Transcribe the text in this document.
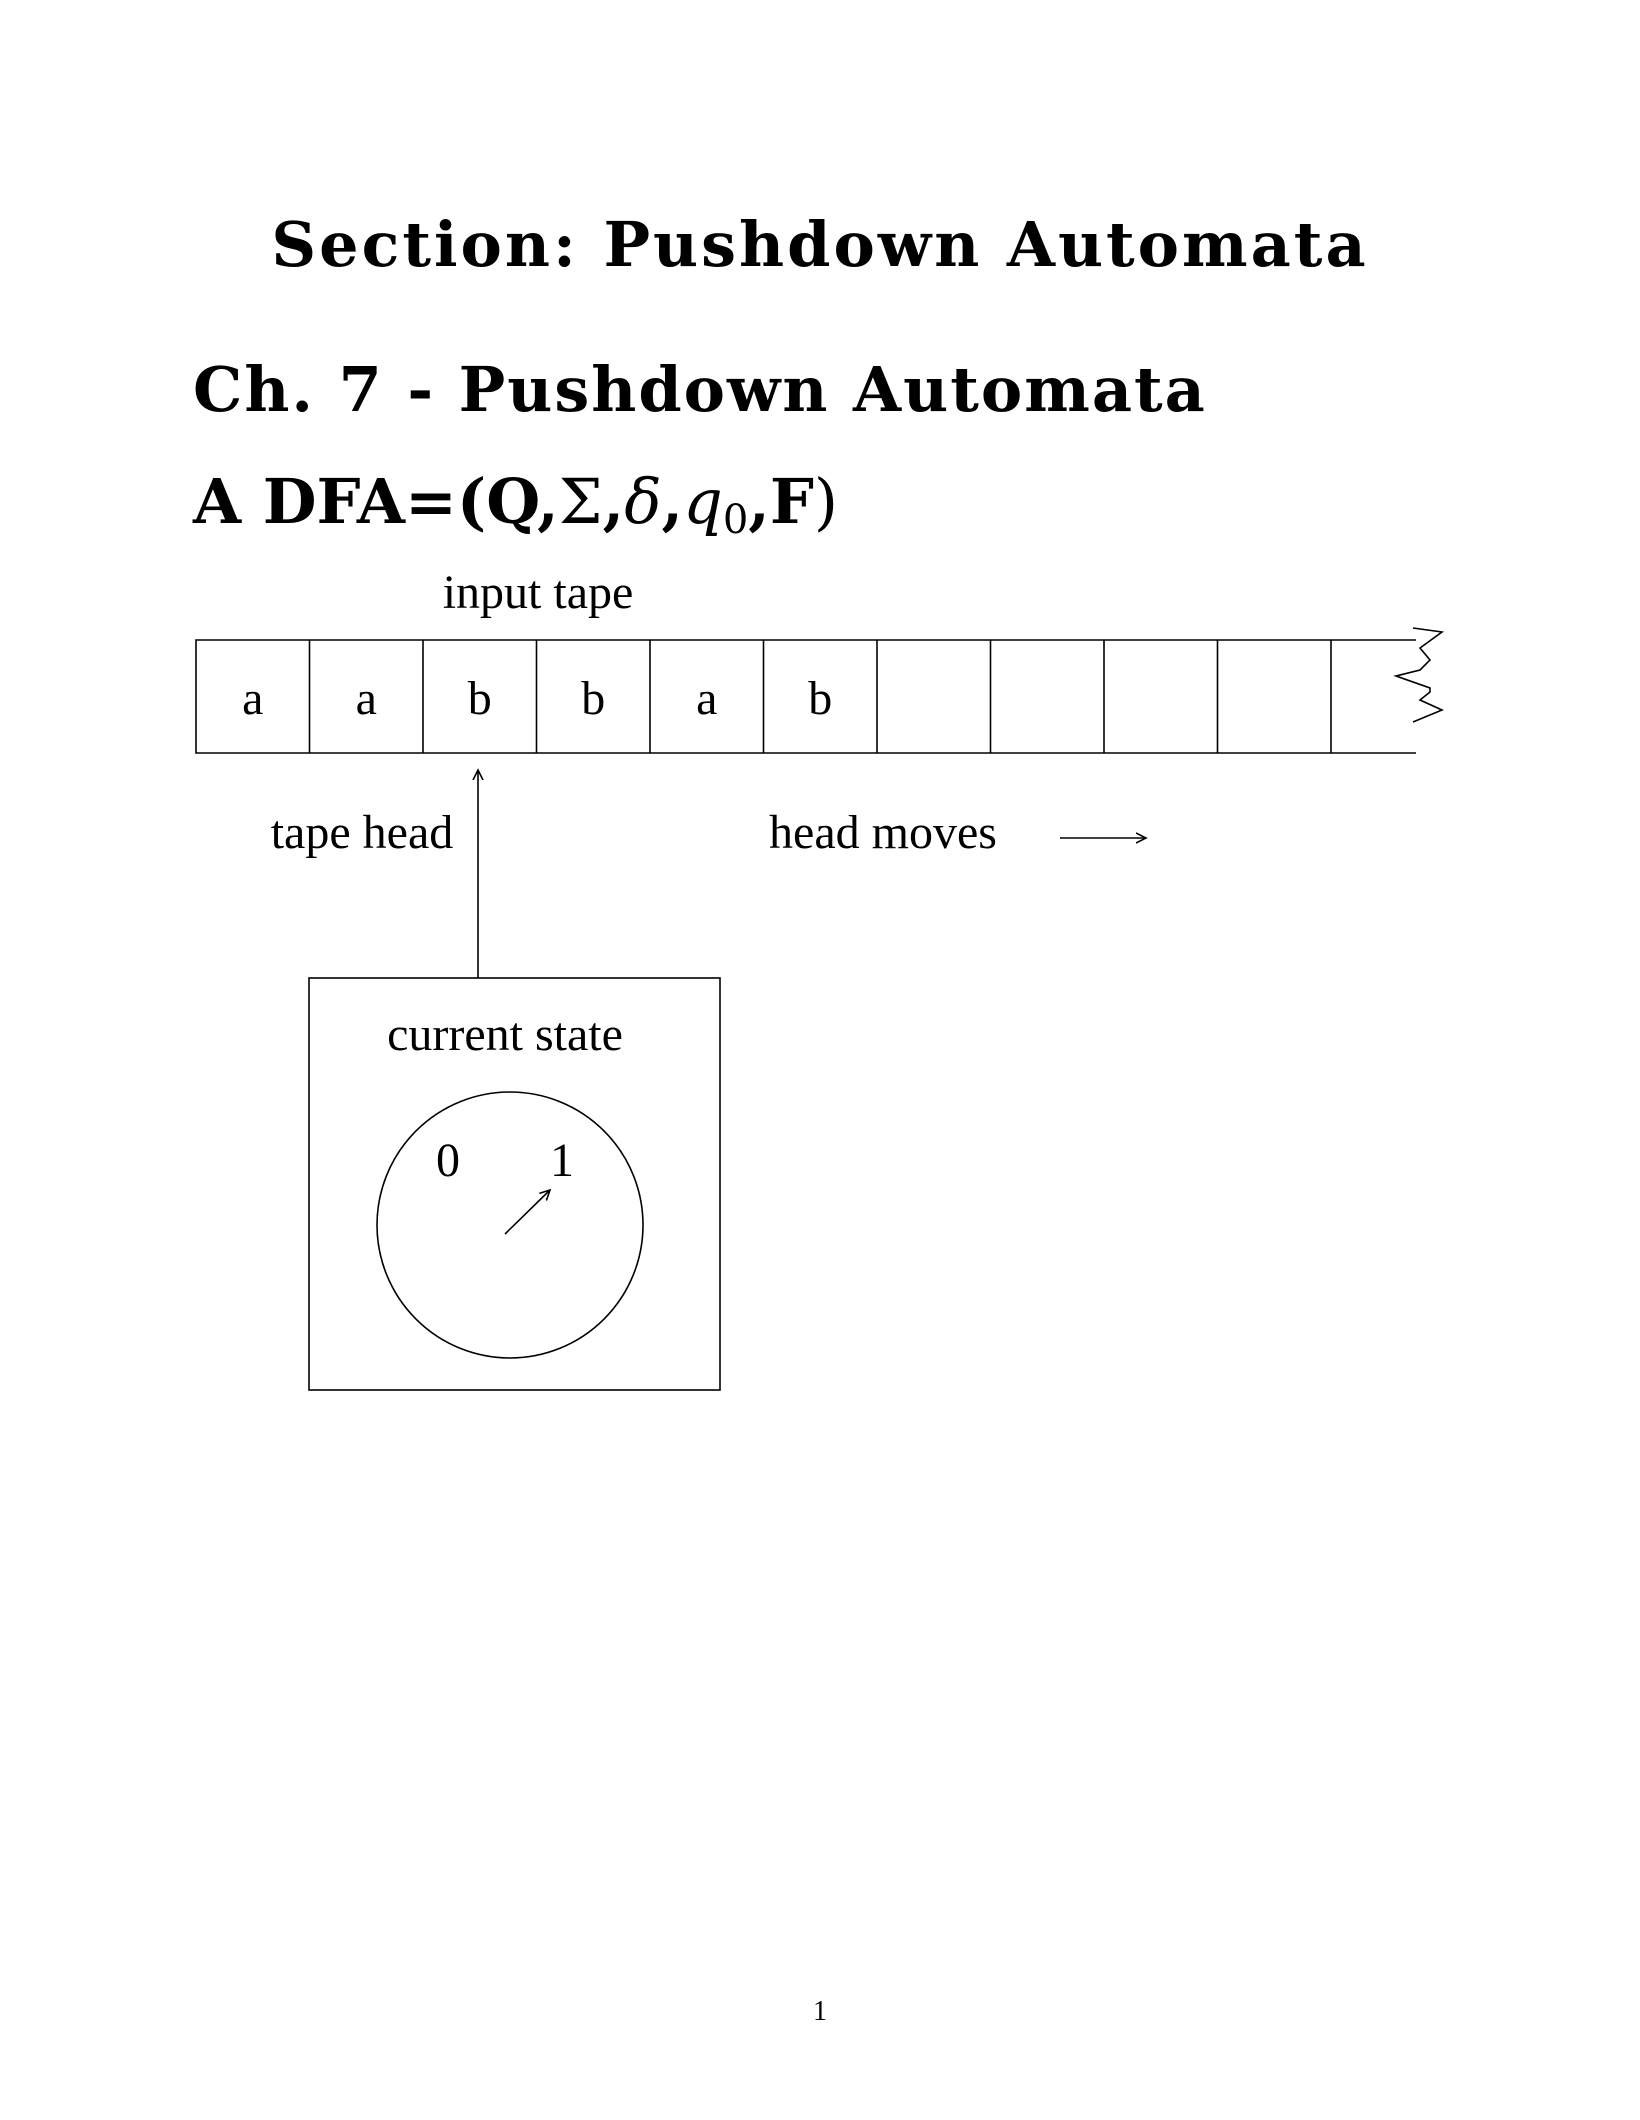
Section: Pushdown Automata
Ch. 7 - Pushdown Automata
A $DFA=(Q,\Sigma,\delta,q_0,F)$
input tape
a a b b a b
tape head	head moves
current state
0 1
1
